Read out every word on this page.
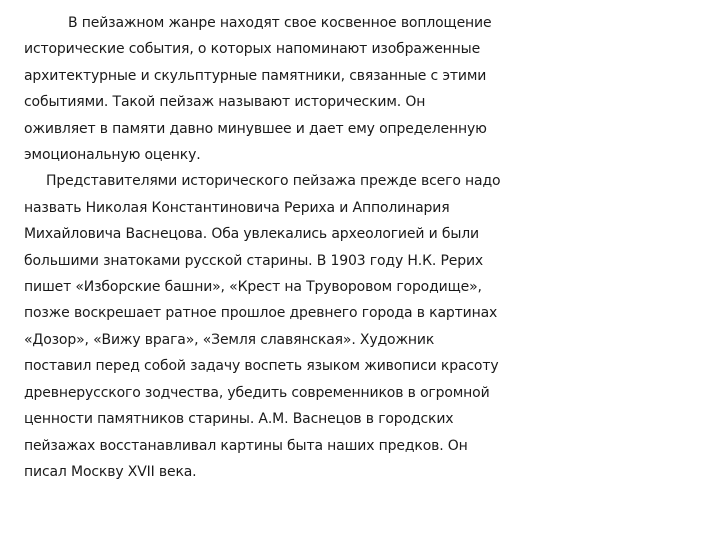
В пейзажном жанре находят свое косвенное воплощение
исторические события, о которых напоминают изображенные
архитектурные и скульптурные памятники, связанные с этими
событиями. Такой пейзаж называют историческим. Он
оживляет в памяти давно минувшее и дает ему определенную
эмоциональную оценку.
Представителями исторического пейзажа прежде всего надо
назвать Николая Константиновича Рериха и Апполинария
Михайловича Васнецова. Оба увлекались археологией и были
большими знатоками русской старины. В 1903 году Н.К. Рерих
пишет «Изборские башни», «Крест на Труворовом городище»,
позже воскрешает ратное прошлое древнего города в картинах
«Дозор», «Вижу врага», «Земля славянская». Художник
поставил перед собой задачу воспеть языком живописи красоту
древнерусского зодчества, убедить современников в огромной
ценности памятников старины. А.М. Васнецов в городских
пейзажах восстанавливал картины быта наших предков. Он
писал Москву XVII века.
